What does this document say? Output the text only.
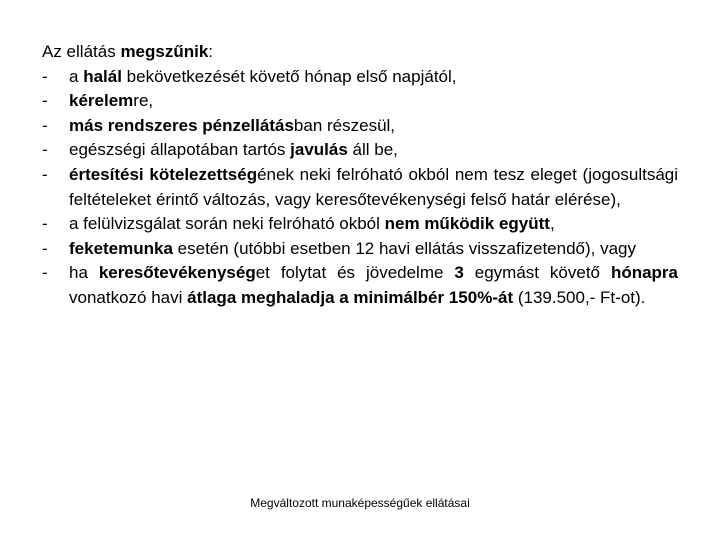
Az ellátás megszűnik:

- a halál bekövetkezését követő hónap első napjától,
- kérelemre,
- más rendszeres pénzellátásban részesül,
- egészségi állapotában tartós javulás áll be,
- értesítési kötelezettségének neki felróható okból nem tesz eleget (jogosultsági feltételeket érintő változás, vagy keresőtevékenységi felső határ elérése),
- a felülvizsgálat során neki felróható okból nem működik együtt,
- feketemunka esetén (utóbbi esetben 12 havi ellátás visszafizetendő), vagy
- ha keresőtevékenységet folytat és jövedelme 3 egymást követő hónapra vonatkozó havi átlaga meghaladja a minimálbér 150%-át (139.500,- Ft-ot).
Megváltozott munaképességűek ellátásai
